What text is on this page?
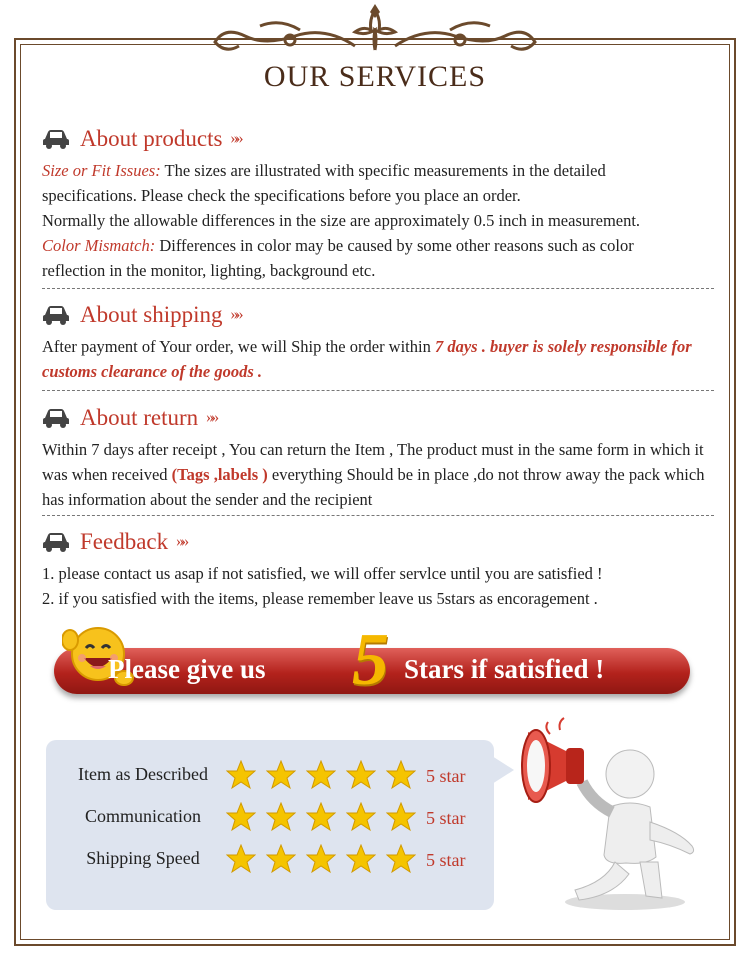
OUR SERVICES
About products »»
Size or Fit Issues: The sizes are illustrated with specific measurements in the detailed
specifications. Please check the specifications before you place an order.
Normally the allowable differences in the size are approximately 0.5 inch in measurement.
Color Mismatch: Differences in color may be caused by some other reasons such as color
reflection in the monitor, lighting, background etc.
About shipping »»
After payment of Your order, we will Ship the order within 7 days . buyer is solely responsible for customs clearance of the goods .
About return »»
Within 7 days after receipt , You can return the Item , The product must in the same form in which it was when received (Tags ,labels ) everything Should be in place ,do not throw away the pack which has information about the sender and the recipient
Feedback »»
1. please contact us asap if not satisfied, we will offer servlce until you are satisfied !
2. if you satisfied with the items, please remember leave us 5stars as encoragement .
Please give us 5 Stars if satisfied !
Item as Described	5 star
Communication	5 star
Shipping Speed	5 star
